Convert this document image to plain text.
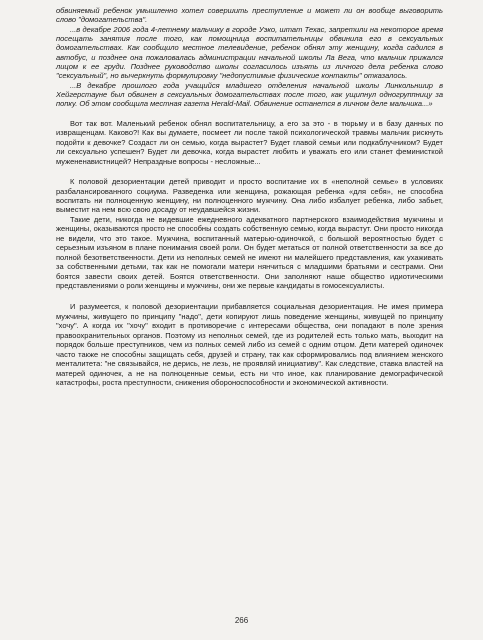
обвиняемый ребенок умышленно хотел совершить преступление и может ли он вообще выговорить слово "домогательства".

...в декабре 2006 года 4-летнему мальчику в городе Уэко, штат Техас, запретили на некоторое время посещать занятия после того, как помощница воспитательницы обвинила его в сексуальных домогательствах. Как сообщило местное телевидение, ребенок обнял эту женщину, когда садился в автобус, и позднее она пожаловалась администрации начальной школы Ла Вега, что мальчик прижался лицом к ее груди. Позднее руководство школы согласилось изъять из личного дела ребенка слово "сексуальный", но вычеркнуть формулировку "недопустимые физические контакты" отказалось.

...В декабре прошлого года учащийся младшего отделения начальной школы Линкольншир в Хейгерстауне был обвинен в сексуальных домогательствах после того, как ущипнул одногруппницу за попку. Об этом сообщила местная газета Herald-Mail. Обвинение останется в личном деле мальчика...»

Вот так вот. Маленький ребенок обнял воспитательницу, а его за это - в тюрьму и в базу данных по извращенцам. Каково?! Как вы думаете, посмеет ли после такой психологической травмы мальчик рискнуть подойти к девочке? Создаст ли он семью, когда вырастет? Будет главой семьи или подкаблучником? Будет ли сексуально успешен? Будет ли девочка, когда вырастет любить и уважать его или станет феминисткой мужененавистницей? Непраздные вопросы - несложные...

К половой дезориентации детей приводит и просто воспитание их в «неполной семье» в условиях разбалансированного социума. Разведенка или женщина, рожающая ребенка «для себя», не способна воспитать ни полноценную женщину, ни полноценного мужчину. Она либо избалует ребенка, либо забьет, выместит на нем всю свою досаду от неудавшейся жизни.

Такие дети, никогда не видевшие ежедневного адекватного партнерского взаимодействия мужчины и женщины, оказываются просто не способны создать собственную семью, когда вырастут. Они просто никогда не видели, что это такое. Мужчина, воспитанный матерью-одиночкой, с большой вероятностью будет с серьезным изъяном в плане понимания своей роли. Он будет метаться от полной ответственности за все до полной безответственности. Дети из неполных семей не имеют ни малейшего представления, как ухаживать за собственными детьми, так как не помогали матери нянчиться с младшими братьями и сестрами. Они боятся завести своих детей. Боятся ответственности. Они заполняют наше общество идиотическими представлениями о роли женщины и мужчины, они же первые кандидаты в гомосексуалисты.

И разумеется, к половой дезориентации прибавляется социальная дезориентация. Не имея примера мужчины, живущего по принципу "надо", дети копируют лишь поведение женщины, живущей по принципу "хочу". А когда их "хочу" входит в противоречие с интересами общества, они попадают в поле зрения правоохранительных органов. Поэтому из неполных семей, где из родителей есть только мать, выходит на порядок больше преступников, чем из полных семей либо из семей с одним отцом. Дети матерей одиночек часто также не способны защищать себя, друзей и страну, так как сформировались под влиянием женского менталитета: "не связывайся, не дерись, не лезь, не проявляй инициативу". Как следствие, ставка властей на матерей одиночек, а не на полноценные семьи, есть ни что иное, как планирование демографической катастрофы, роста преступности, снижения обороноспособности и экономической активности.

266
